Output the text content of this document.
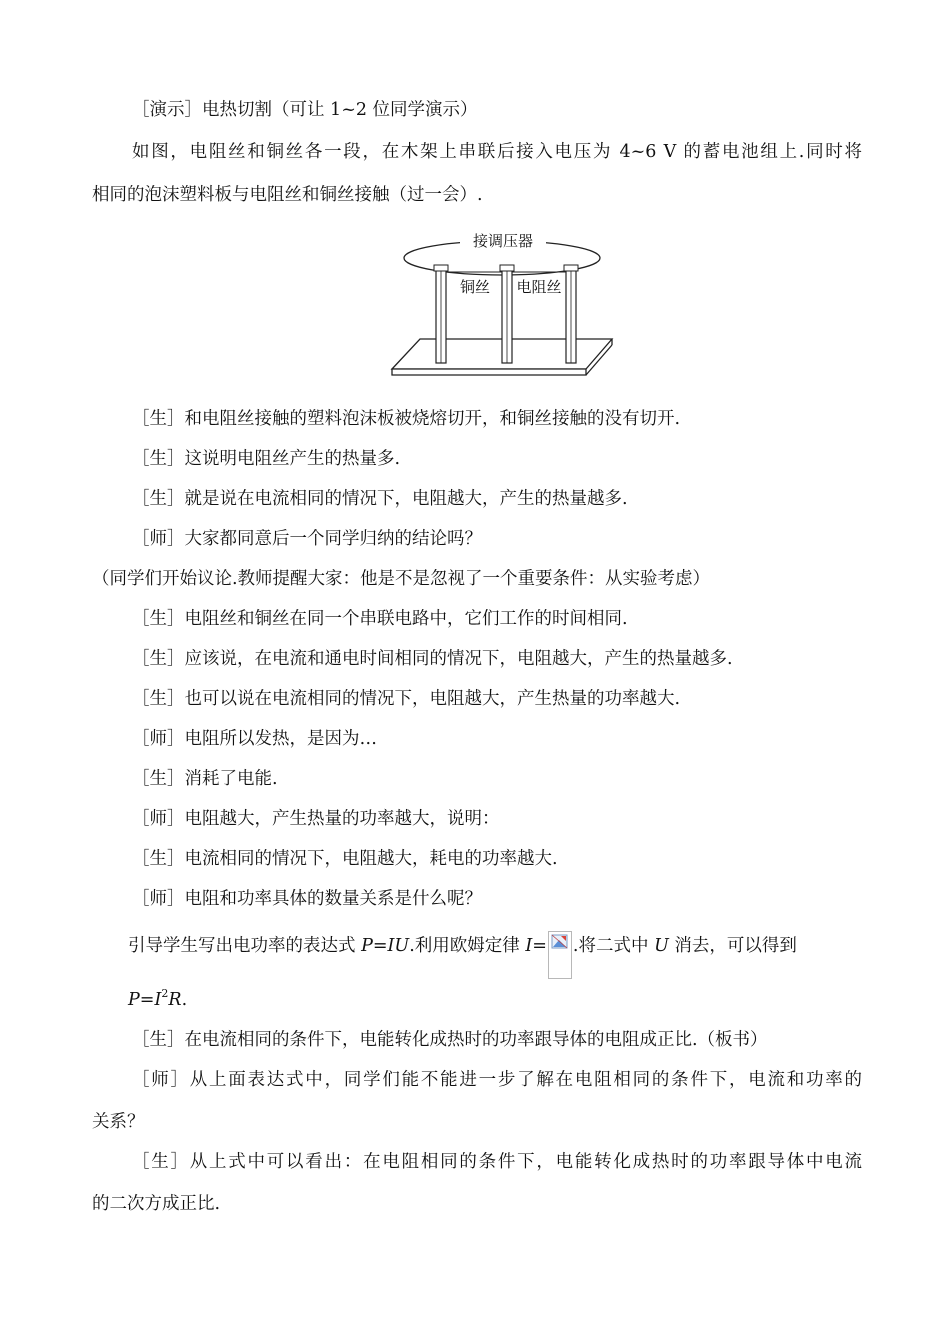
［演示］电热切割（可让 1~2 位同学演示）
如图，电阻丝和铜丝各一段，在木架上串联后接入电压为 4~6 V 的蓄电池组上.同时将
相同的泡沫塑料板与电阻丝和铜丝接触（过一会）.
接调压器
铜丝 电阻丝
［生］和电阻丝接触的塑料泡沫板被烧熔切开，和铜丝接触的没有切开.
［生］这说明电阻丝产生的热量多.
［生］就是说在电流相同的情况下，电阻越大，产生的热量越多.
［师］大家都同意后一个同学归纳的结论吗？
（同学们开始议论.教师提醒大家：他是不是忽视了一个重要条件：从实验考虑）
［生］电阻丝和铜丝在同一个串联电路中，它们工作的时间相同.
［生］应该说，在电流和通电时间相同的情况下，电阻越大，产生的热量越多.
［生］也可以说在电流相同的情况下，电阻越大，产生热量的功率越大.
［师］电阻所以发热，是因为…
［生］消耗了电能.
［师］电阻越大，产生热量的功率越大，说明：
［生］电流相同的情况下，电阻越大，耗电的功率越大.
［师］电阻和功率具体的数量关系是什么呢？
引导学生写出电功率的表达式 P=IU.利用欧姆定律 I= .将二式中 U 消去，可以得到
$P=I^2R$.
［生］在电流相同的条件下，电能转化成热时的功率跟导体的电阻成正比.（板书）
［师］从上面表达式中，同学们能不能进一步了解在电阻相同的条件下，电流和功率的
关系？
［生］从上式中可以看出：在电阻相同的条件下，电能转化成热时的功率跟导体中电流
的二次方成正比.
